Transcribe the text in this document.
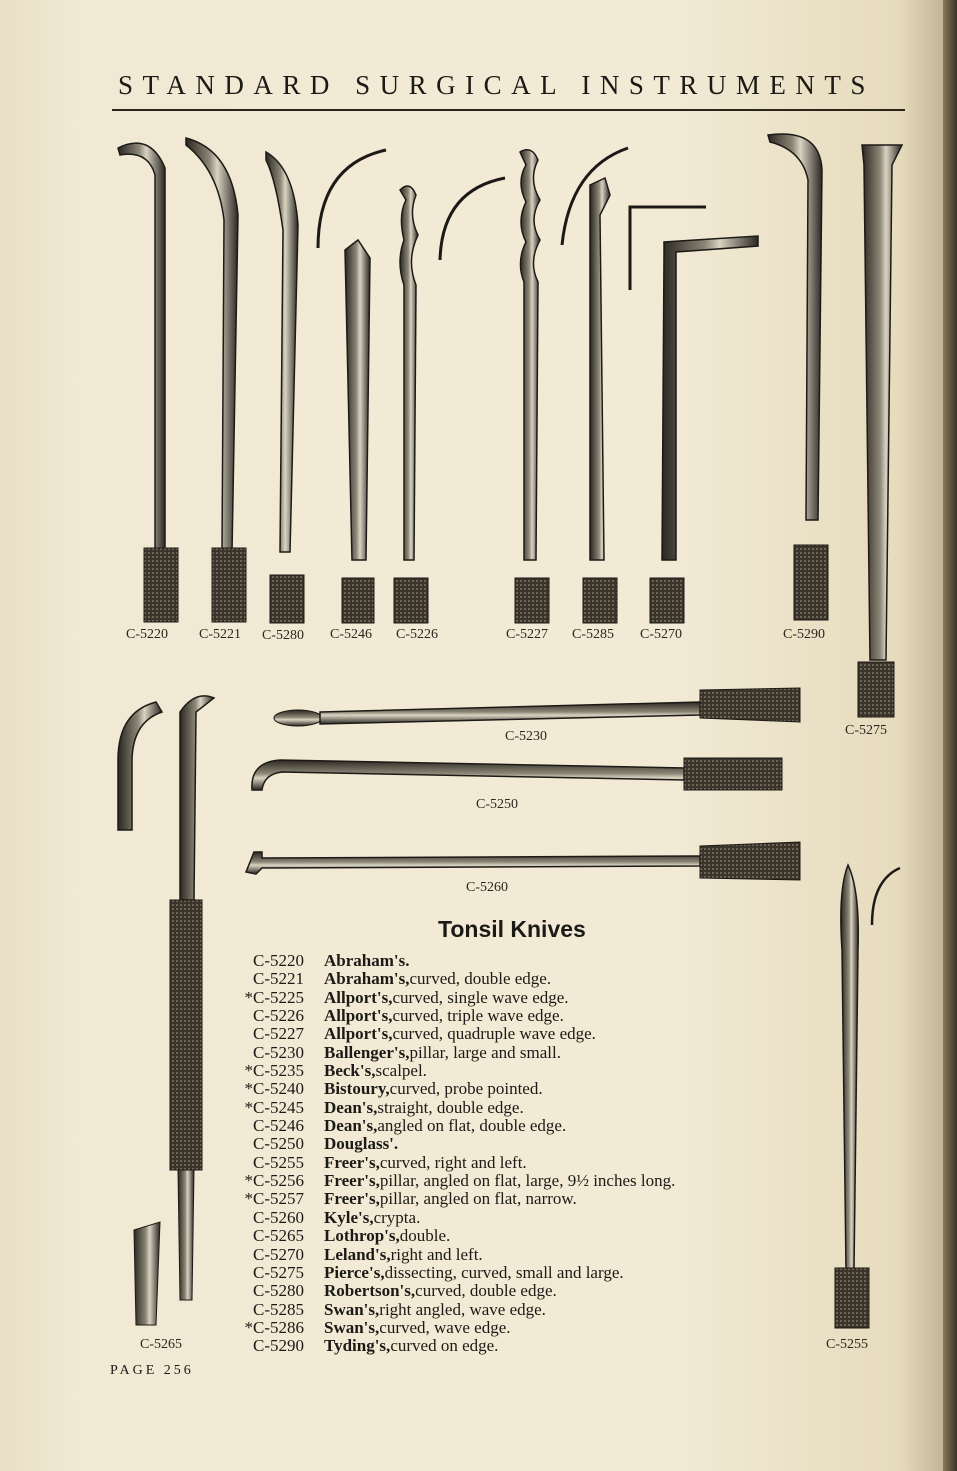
STANDARD SURGICAL INSTRUMENTS
C-5220 C-5221 C-5280 C-5246 C-5226	C-5227 C-5285 C-5270	C-5290
C-5275
C-5230
C-5250
C-5260
C-5265	C-5255
Tonsil Knives
C-5220	Abraham's.
C-5221	Abraham's, curved, double edge.
*C-5225	Allport's, curved, single wave edge.
C-5226	Allport's, curved, triple wave edge.
C-5227	Allport's, curved, quadruple wave edge.
C-5230	Ballenger's, pillar, large and small.
*C-5235	Beck's, scalpel.
*C-5240	Bistoury, curved, probe pointed.
*C-5245	Dean's, straight, double edge.
C-5246	Dean's, angled on flat, double edge.
C-5250	Douglass'.
C-5255	Freer's, curved, right and left.
*C-5256	Freer's, pillar, angled on flat, large, 9½ inches long.
*C-5257	Freer's, pillar, angled on flat, narrow.
C-5260	Kyle's, crypta.
C-5265	Lothrop's, double.
C-5270	Leland's, right and left.
C-5275	Pierce's, dissecting, curved, small and large.
C-5280	Robertson's, curved, double edge.
C-5285	Swan's, right angled, wave edge.
*C-5286	Swan's, curved, wave edge.
C-5290	Tyding's, curved on edge.
PAGE 256
